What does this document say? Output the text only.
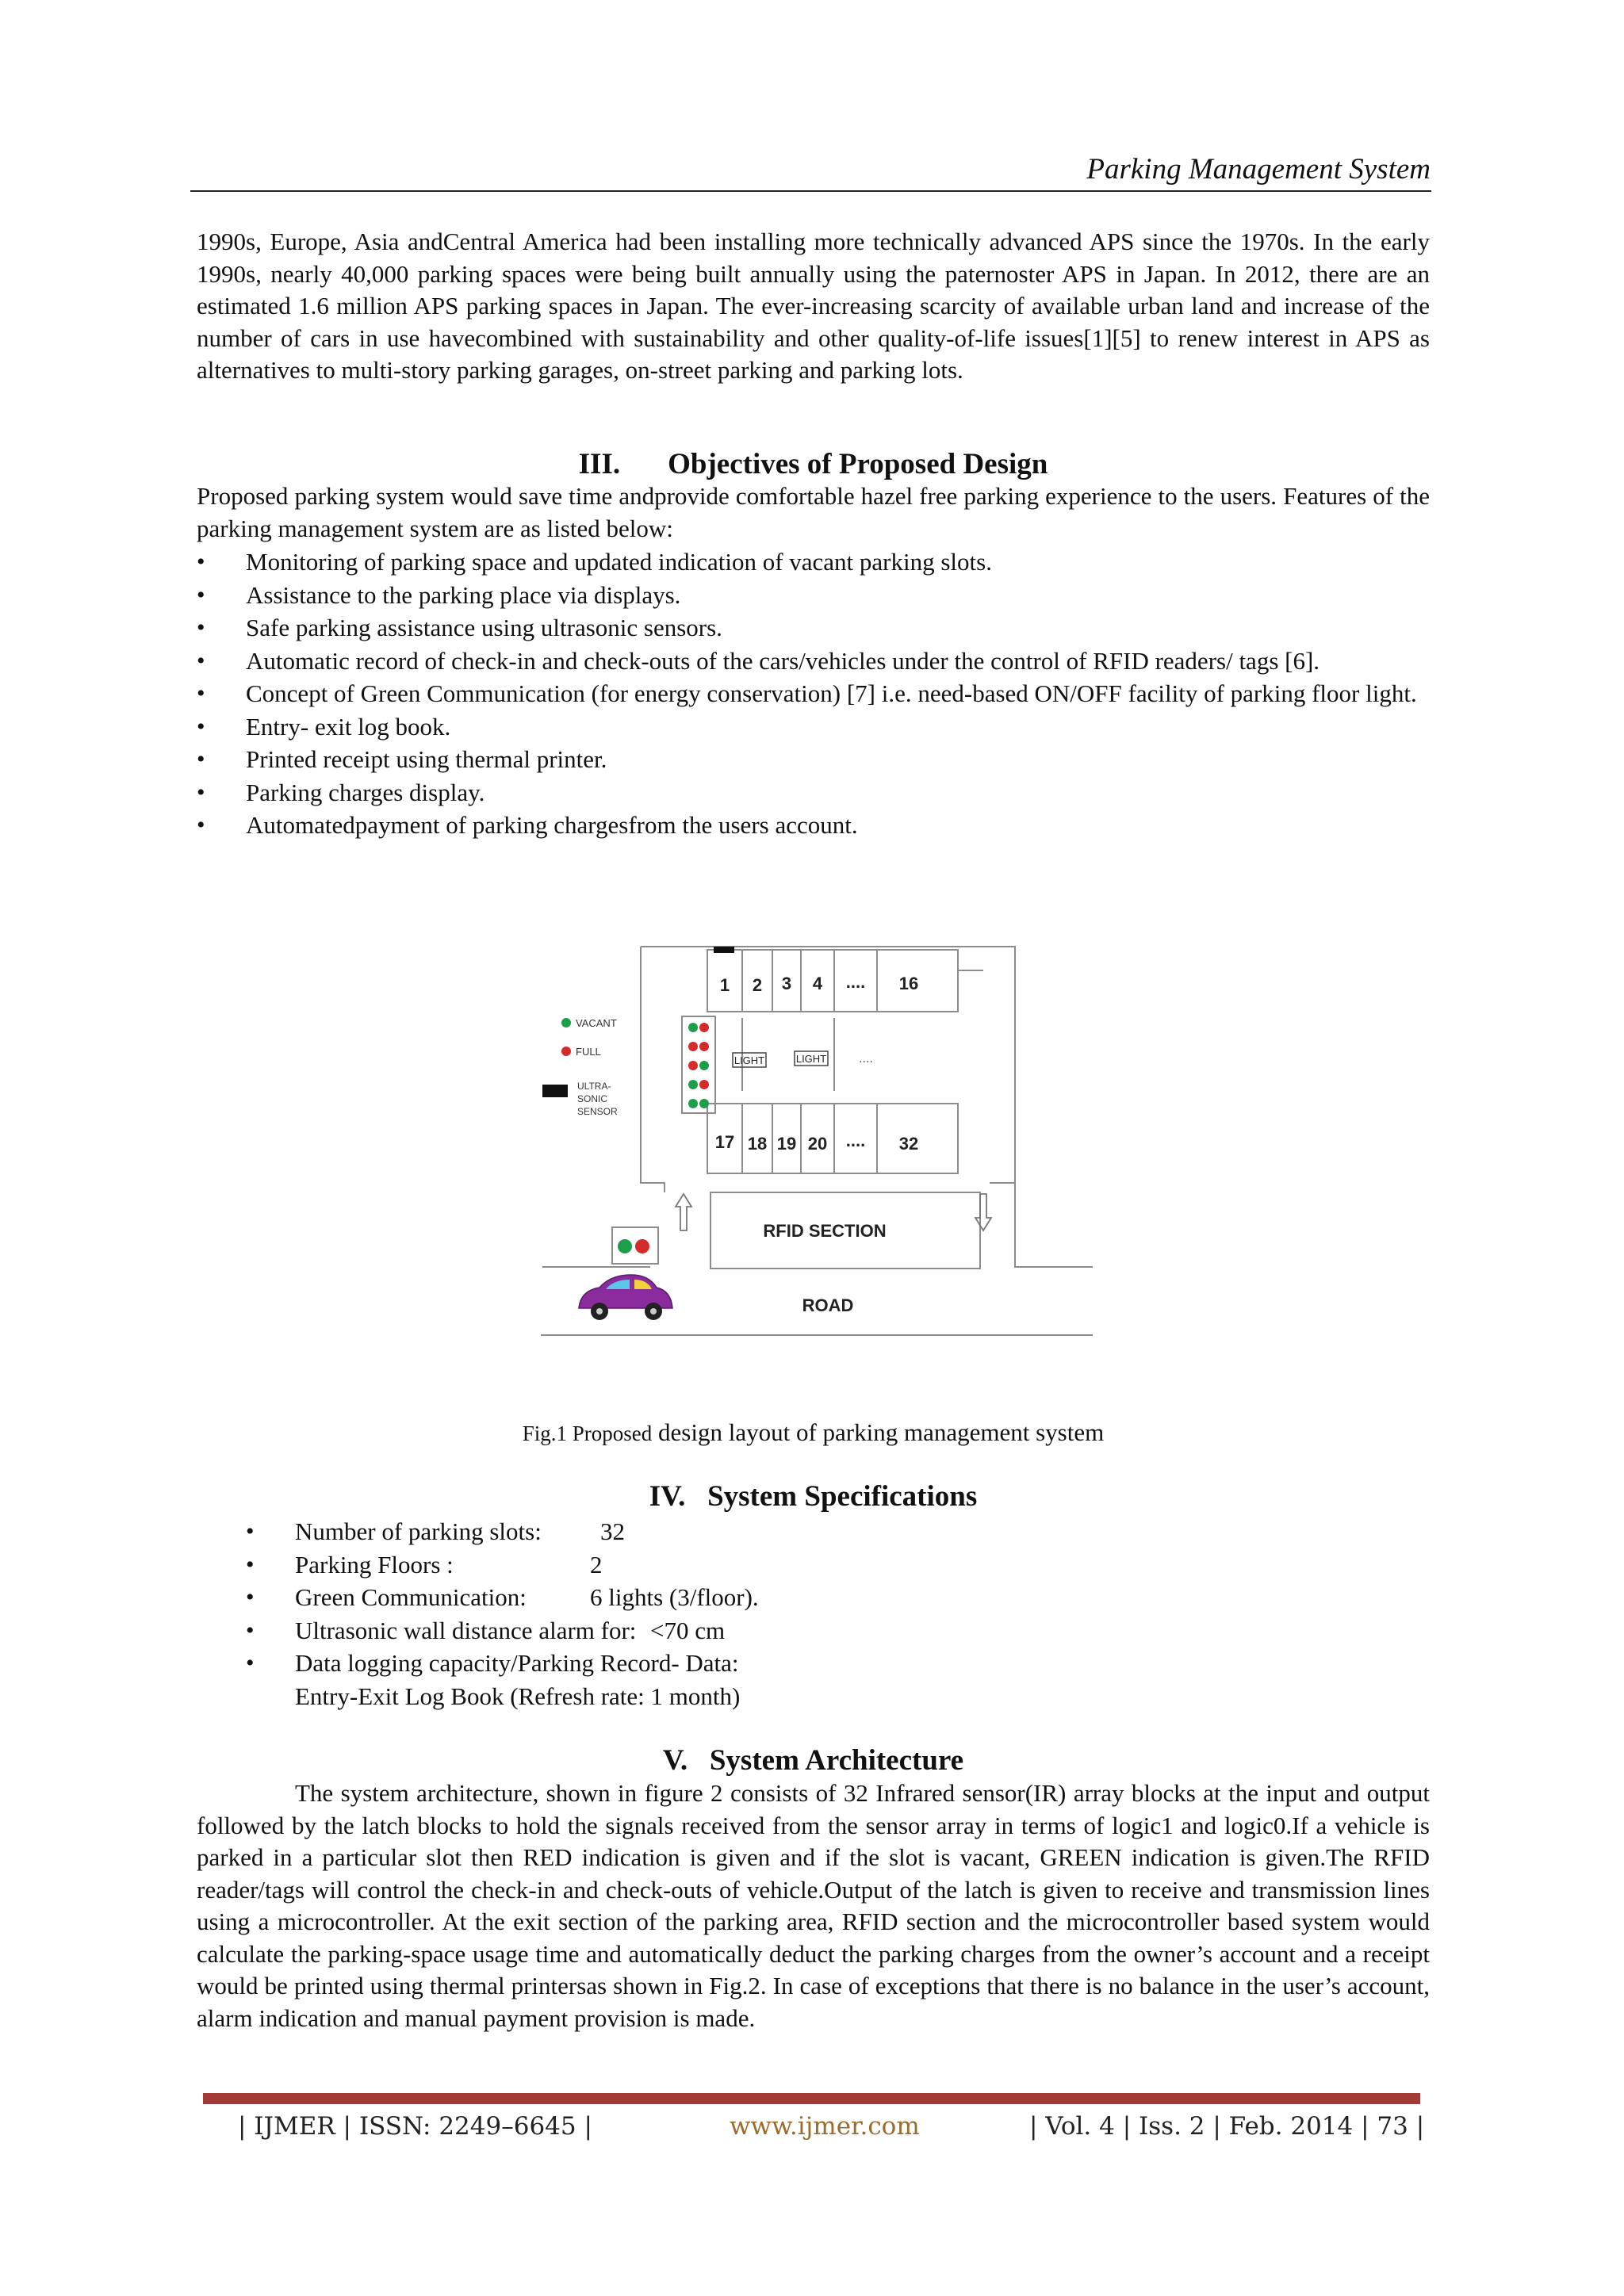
Parking Management System

1990s, Europe, Asia andCentral America had been installing more technically advanced APS since the 1970s. In the early 1990s, nearly 40,000 parking spaces were being built annually using the paternoster APS in Japan. In 2012, there are an estimated 1.6 million APS parking spaces in Japan. The ever-increasing scarcity of available urban land and increase of the number of cars in use havecombined with sustainability and other quality-of-life issues[1][5] to renew interest in APS as alternatives to multi-story parking garages, on-street parking and parking lots.

III. Objectives of Proposed Design

Proposed parking system would save time andprovide comfortable hazel free parking experience to the users. Features of the parking management system are as listed below:

• Monitoring of parking space and updated indication of vacant parking slots.
• Assistance to the parking place via displays.
• Safe parking assistance using ultrasonic sensors.
• Automatic record of check-in and check-outs of the cars/vehicles under the control of RFID readers/ tags [6].
• Concept of Green Communication (for energy conservation) [7] i.e. need-based ON/OFF facility of parking floor light.
• Entry- exit log book.
• Printed receipt using thermal printer.
• Parking charges display.
• Automatedpayment of parking chargesfrom the users account.
1 2 3 4 .... 16
17 18 19 20 .... 32
LIGHT	LIGHT	....
VACANT
FULL
ULTRA-
SONIC
SENSOR
RFID SECTION
ROAD
Fig.1 Proposed design layout of parking management system
IV. System Specifications
• Number of parking slots: 32
• Parking Floors :	2
• Green Communication:	6 lights (3/floor).
• Ultrasonic wall distance alarm for: <70 cm
• Data logging capacity/Parking Record- Data:
Entry-Exit Log Book (Refresh rate: 1 month)
V. System Architecture

The system architecture, shown in figure 2 consists of 32 Infrared sensor(IR) array blocks at the input and output followed by the latch blocks to hold the signals received from the sensor array in terms of logic1 and logic0.If a vehicle is parked in a particular slot then RED indication is given and if the slot is vacant, GREEN indication is given.The RFID reader/tags will control the check-in and check-outs of vehicle.Output of the latch is given to receive and transmission lines using a microcontroller. At the exit section of the parking area, RFID section and the microcontroller based system would calculate the parking-space usage time and automatically deduct the parking charges from the owner’s account and a receipt would be printed using thermal printersas shown in Fig.2. In case of exceptions that there is no balance in the user’s account, alarm indication and manual payment provision is made.

| IJMER | ISSN: 2249–6645 |	www.ijmer.com	| Vol. 4 | Iss. 2 | Feb. 2014 | 73 |
